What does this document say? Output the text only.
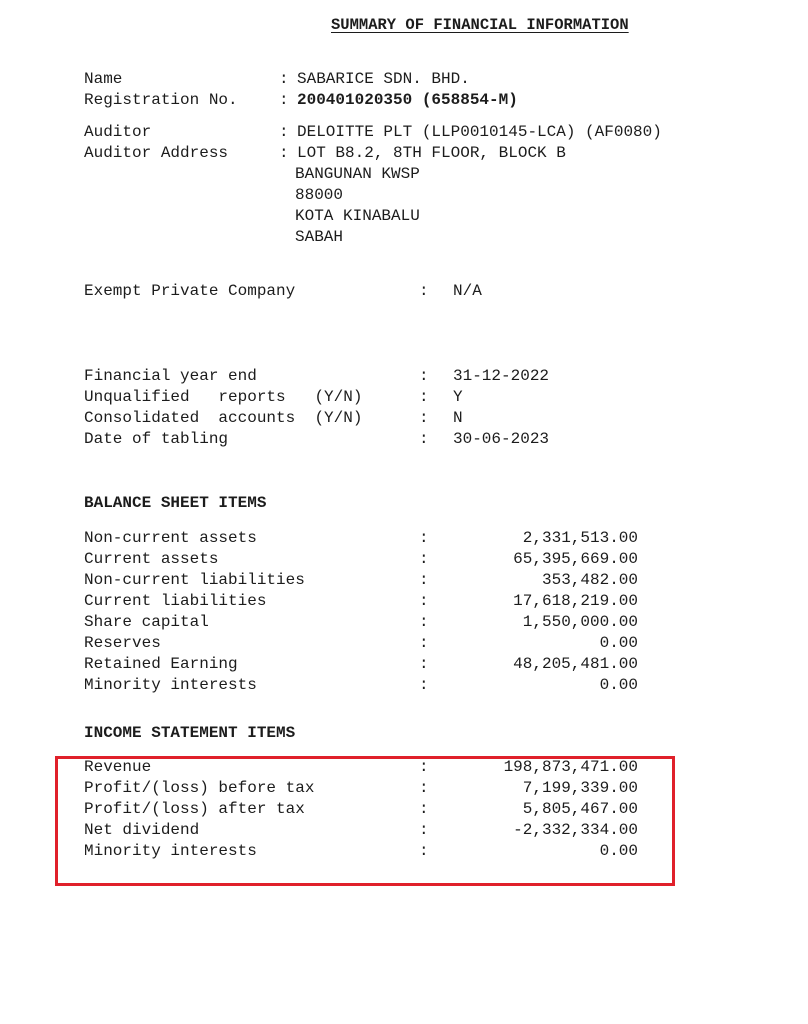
SUMMARY OF FINANCIAL INFORMATION
Name	: SABARICE SDN. BHD.
Registration No.	: 200401020350 (658854-M)
Auditor	: DELOITTE PLT (LLP0010145-LCA) (AF0080)
Auditor Address	: LOT B8.2, 8TH FLOOR, BLOCK B
BANGUNAN KWSP
88000
KOTA KINABALU
SABAH
Exempt Private Company	: N/A
Financial year end	: 31-12-2022
Unqualified   reports   (Y/N)	: Y
Consolidated  accounts  (Y/N)	: N
Date of tabling	: 30-06-2023
BALANCE SHEET ITEMS
Non-current assets	:	2,331,513.00
Current assets	:	65,395,669.00
Non-current liabilities	:	353,482.00
Current liabilities	:	17,618,219.00
Share capital	:	1,550,000.00
Reserves	:	0.00
Retained Earning	:	48,205,481.00
Minority interests	:	0.00
INCOME STATEMENT ITEMS
Revenue	:	198,873,471.00
Profit/(loss) before tax	:	7,199,339.00
Profit/(loss) after tax	:	5,805,467.00
Net dividend	:	-2,332,334.00
Minority interests	:	0.00
